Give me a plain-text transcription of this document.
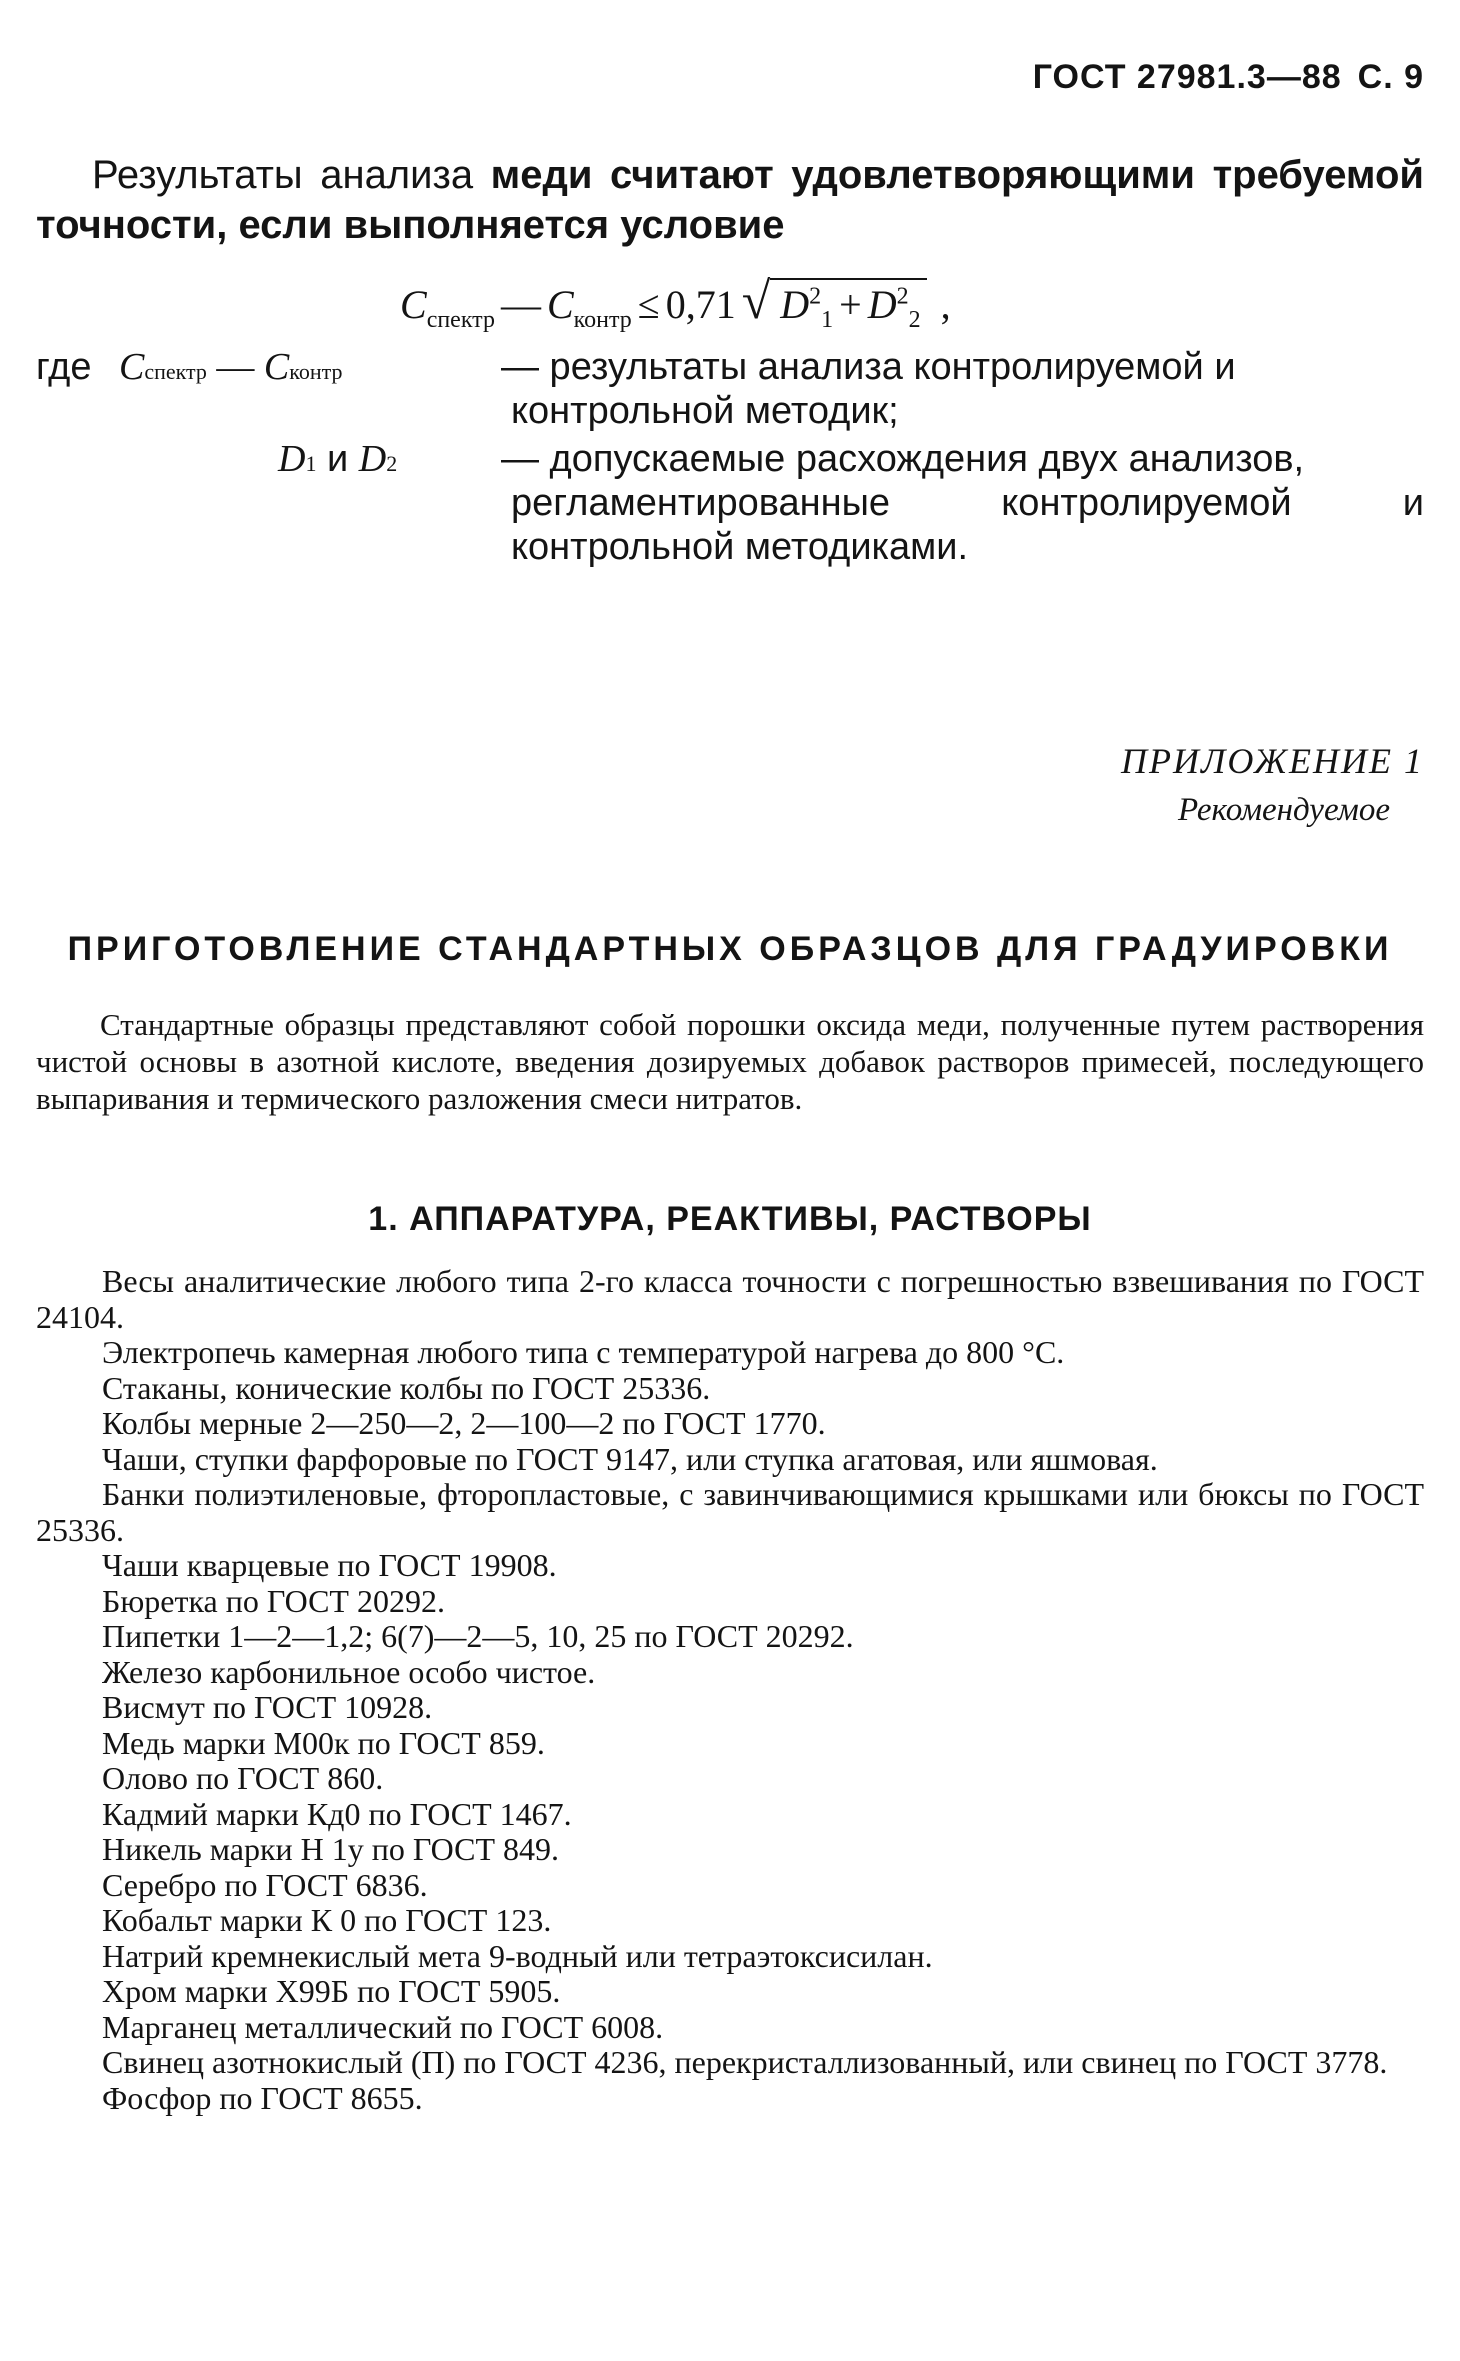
ГОСТ 27981.3—88 С. 9
Результаты анализа меди считают удовлетворяющими требуемой точности, если выполняется условие
$C_{спектр}$ — $C_{контр} \le 0,71$ √ $D^2_1 + D^2_2$ ,
где Cспектр — Cконтр	— результаты анализа контролируемой и
контрольной методик;
D1 и D2	— допускаемые расхождения двух анализов,
регламентированные контролируемой и
контрольной методиками.
ПРИЛОЖЕНИЕ 1
Рекомендуемое
ПРИГОТОВЛЕНИЕ СТАНДАРТНЫХ ОБРАЗЦОВ ДЛЯ ГРАДУИРОВКИ
Стандартные образцы представляют собой порошки оксида меди, полученные путем растворения чистой основы в азотной кислоте, введения дозируемых добавок растворов примесей, последующего выпаривания и термического разложения смеси нитратов.
1. АППАРАТУРА, РЕАКТИВЫ, РАСТВОРЫ

Весы аналитические любого типа 2-го класса точности с погрешностью взвешивания по ГОСТ 24104.

Электропечь камерная любого типа с температурой нагрева до 800 °С.

Стаканы, конические колбы по ГОСТ 25336.

Колбы мерные 2—250—2, 2—100—2 по ГОСТ 1770.

Чаши, ступки фарфоровые по ГОСТ 9147, или ступка агатовая, или яшмовая.

Банки полиэтиленовые, фторопластовые, с завинчивающимися крышками или бюксы по ГОСТ 25336.

Чаши кварцевые по ГОСТ 19908.

Бюретка по ГОСТ 20292.

Пипетки 1—2—1,2; 6(7)—2—5, 10, 25 по ГОСТ 20292.

Железо карбонильное особо чистое.

Висмут по ГОСТ 10928.

Медь марки М00к по ГОСТ 859.

Олово по ГОСТ 860.

Кадмий марки Кд0 по ГОСТ 1467.

Никель марки Н 1у по ГОСТ 849.

Серебро по ГОСТ 6836.

Кобальт марки К 0 по ГОСТ 123.

Натрий кремнекислый мета 9-водный или тетраэтоксисилан.

Хром марки Х99Б по ГОСТ 5905.

Марганец металлический по ГОСТ 6008.

Свинец азотнокислый (П) по ГОСТ 4236, перекристаллизованный, или свинец по ГОСТ 3778.

Фосфор по ГОСТ 8655.
